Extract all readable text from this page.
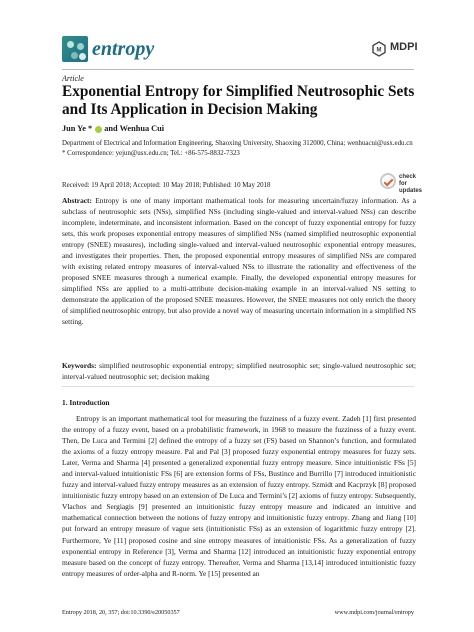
entropy	M MDPI
Article
Exponential Entropy for Simplified Neutrosophic Sets and Its Application in Decision Making
Jun Ye *  and Wenhua Cui
Department of Electrical and Information Engineering, Shaoxing University, Shaoxing 312000, China; wenhuacui@usx.edu.cn
* Correspondence: yejun@usx.edu.cn; Tel.: +86-575-8832-7323
Received: 19 April 2018; Accepted: 10 May 2018; Published: 10 May 2018
check for
updates
Abstract: Entropy is one of many important mathematical tools for measuring uncertain/fuzzy information. As a subclass of neutrosophic sets (NSs), simplified NSs (including single-valued and interval-valued NSs) can describe incomplete, indeterminate, and inconsistent information. Based on the concept of fuzzy exponential entropy for fuzzy sets, this work proposes exponential entropy measures of simplified NSs (named simplified neutrosophic exponential entropy (SNEE) measures), including single-valued and interval-valued neutrosophic exponential entropy measures, and investigates their properties. Then, the proposed exponential entropy measures of simplified NSs are compared with existing related entropy measures of interval-valued NSs to illustrate the rationality and effectiveness of the proposed SNEE measures through a numerical example. Finally, the developed exponential entropy measures for simplified NSs are applied to a multi-attribute decision-making example in an interval-valued NS setting to demonstrate the application of the proposed SNEE measures. However, the SNEE measures not only enrich the theory of simplified neutrosophic entropy, but also provide a novel way of measuring uncertain information in a simplified NS setting.
Keywords: simplified neutrosophic exponential entropy; simplified neutrosophic set; single-valued neutrosophic set; interval-valued neutrosophic set; decision making
1. Introduction
Entropy is an important mathematical tool for measuring the fuzziness of a fuzzy event. Zadeh [1] first presented the entropy of a fuzzy event, based on a probabilistic framework, in 1968 to measure the fuzziness of a fuzzy event. Then, De Luca and Termini [2] defined the entropy of a fuzzy set (FS) based on Shannon’s function, and formulated the axioms of a fuzzy entropy measure. Pal and Pal [3] proposed fuzzy exponential entropy measures for fuzzy sets. Later, Verma and Sharma [4] presented a generalized exponential fuzzy entropy measure. Since intuitionistic FSs [5] and interval-valued intuitionistic FSs [6] are extension forms of FSs, Bustince and Burrillo [7] introduced intuitionistic fuzzy and interval-valued fuzzy entropy measures as an extension of fuzzy entropy. Szmidt and Kacprzyk [8] proposed intuitionistic fuzzy entropy based on an extension of De Luca and Termini’s [2] axioms of fuzzy entropy. Subsequently, Vlachos and Sergiagis [9] presented an intuitionistic fuzzy entropy measure and indicated an intuitive and mathematical connection between the notions of fuzzy entropy and intuitionistic fuzzy entropy. Zhang and Jiang [10] put forward an entropy measure of vague sets (intuitionistic FSs) as an extension of logarithmic fuzzy entropy [2]. Furthermore, Ye [11] proposed cosine and sine entropy measures of intuitionistic FSs. As a generalization of fuzzy exponential entropy in Reference [3], Verma and Sharma [12] introduced an intuitionistic fuzzy exponential entropy measure based on the concept of fuzzy entropy. Thereafter, Verma and Sharma [13,14] introduced intuitionistic fuzzy entropy measures of order-alpha and R-norm. Ye [15] presented an
Entropy 2018, 20, 357; doi:10.3390/e20050357	www.mdpi.com/journal/entropy
